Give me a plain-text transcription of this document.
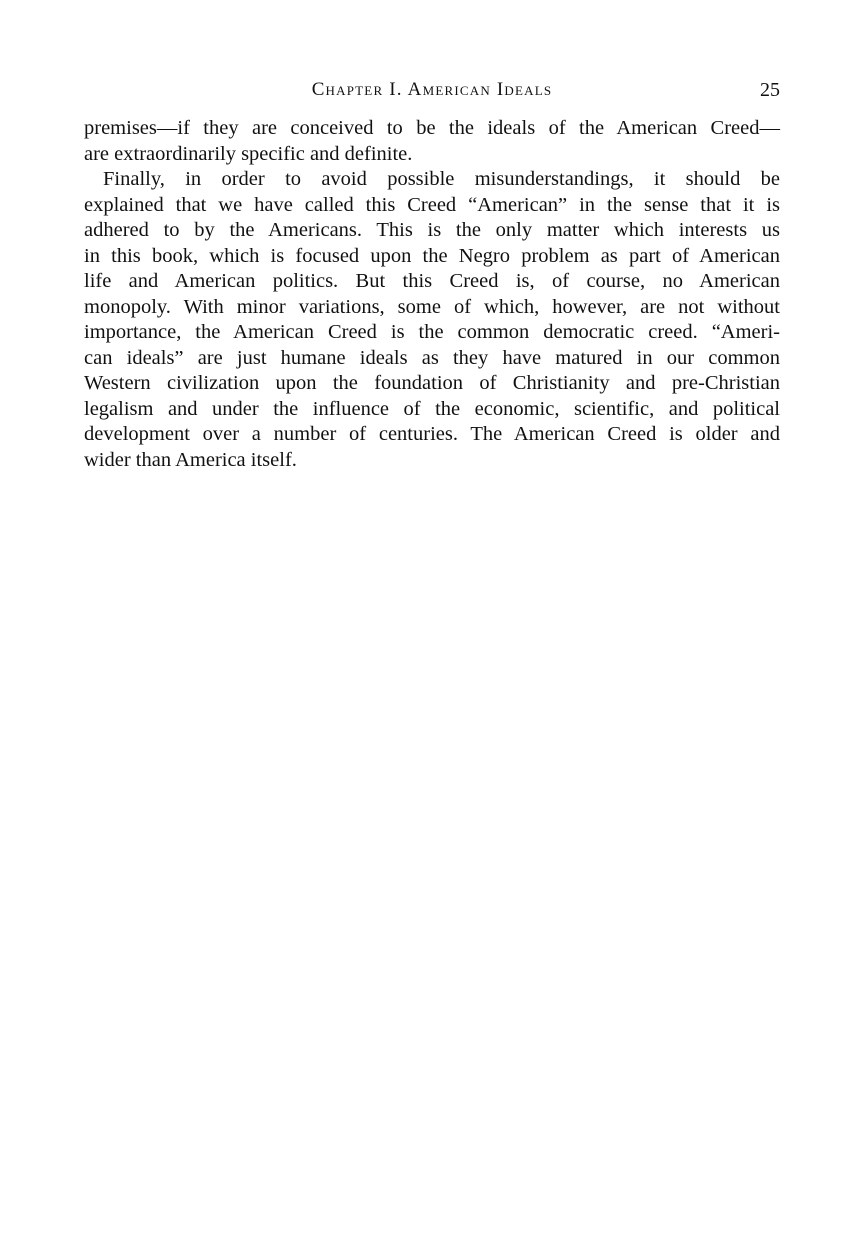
Chapter I. American Ideals	25
premises—if they are conceived to be the ideals of the American Creed—
are extraordinarily specific and definite.
Finally, in order to avoid possible misunderstandings, it should be
explained that we have called this Creed “American” in the sense that it is
adhered to by the Americans. This is the only matter which interests us
in this book, which is focused upon the Negro problem as part of American
life and American politics. But this Creed is, of course, no American
monopoly. With minor variations, some of which, however, are not without
importance, the American Creed is the common democratic creed. “Ameri-
can ideals” are just humane ideals as they have matured in our common
Western civilization upon the foundation of Christianity and pre-Christian
legalism and under the influence of the economic, scientific, and political
development over a number of centuries. The American Creed is older and
wider than America itself.
